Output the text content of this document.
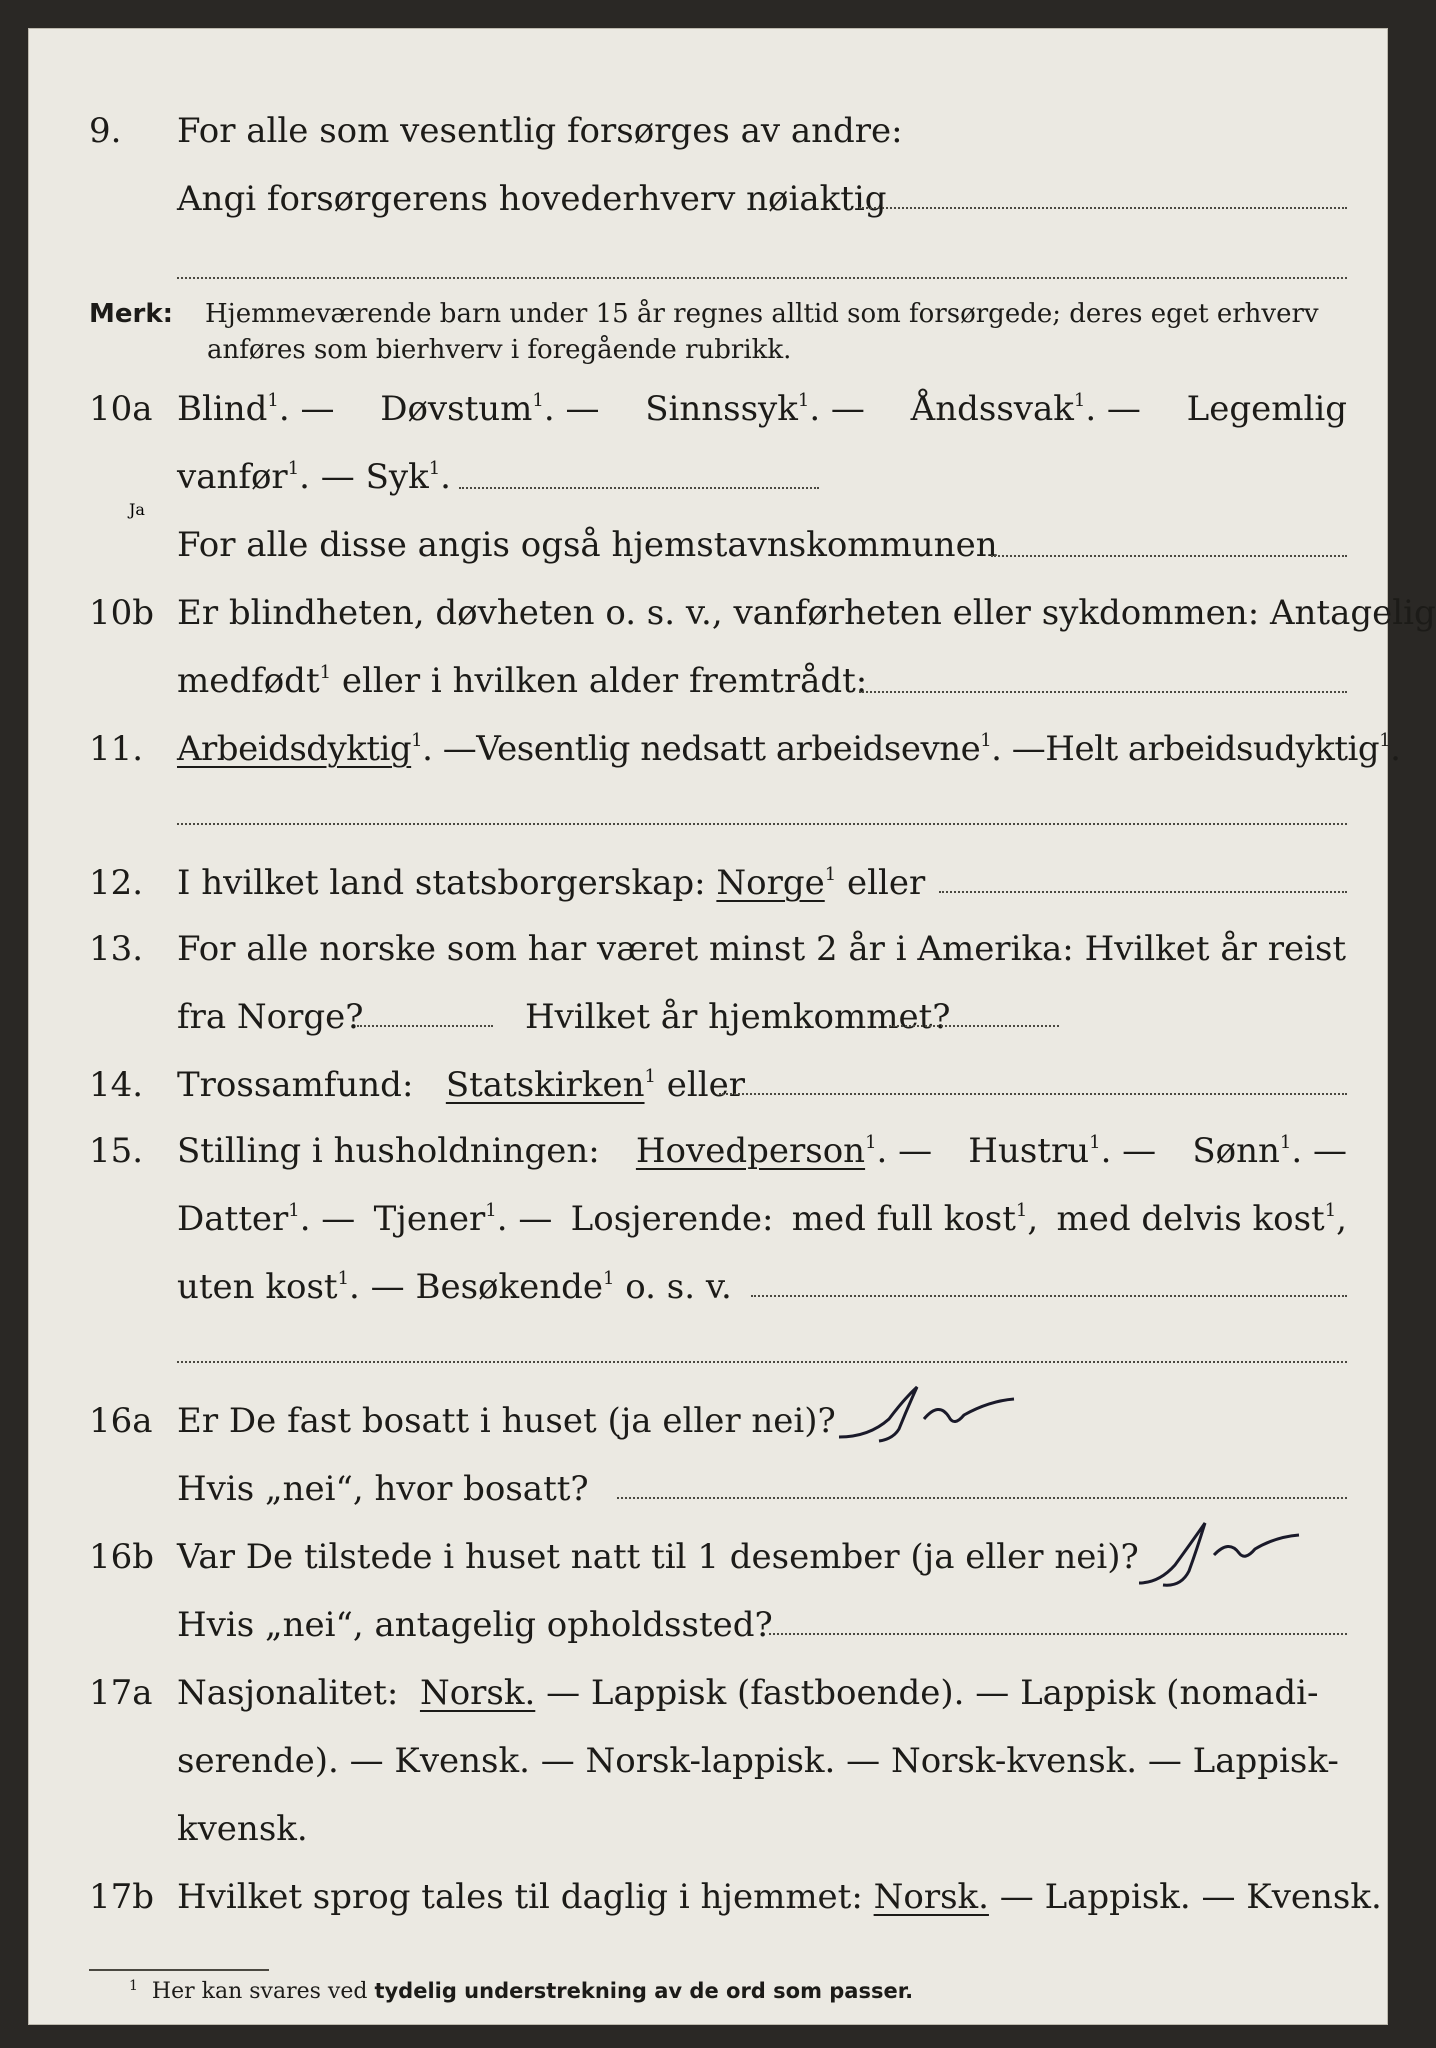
9. For alle som vesentlig forsørges av andre:
Angi forsørgerens hovederhverv nøiaktig
Merk: Hjemmeværende barn under 15 år regnes alltid som forsørgede; deres eget erhverv
anføres som bierhverv i foregående rubrikk.
10a Blind$^1$. — Døvstum$^1$. — Sinnssyk$^1$. — Åndssvak$^1$. — Legemlig
vanfør$^1$. — Syk$^1$.
For alle disse angis også hjemstavnskommunen
10b Er blindheten, døvheten o. s. v., vanførheten eller sykdommen: Antagelig
medfødt$^1$ eller i hvilken alder fremtrådt:
11. Arbeidsdyktig$^1$. — Vesentlig nedsatt arbeidsevne$^1$. — Helt arbeidsudyktig$^1$.
12. I hvilket land statsborgerskap: Norge$^1$ eller
13. For alle norske som har været minst 2 år i Amerika: Hvilket år reist
fra Norge?	Hvilket år hjemkommet?
14. Trossamfund: Statskirken$^1$ eller
15. Stilling i husholdningen: Hovedperson$^1$. — Hustru$^1$. — Sønn$^1$. —
Datter$^1$. — Tjener$^1$. — Losjerende: med full kost$^1$, med delvis kost$^1$,
uten kost$^1$. — Besøkende$^1$ o. s. v.
16a Er De fast bosatt i huset (ja eller nei)?
Hvis „nei“, hvor bosatt?
16b Var De tilstede i huset natt til 1 desember (ja eller nei)?
Ja
Hvis „nei“, antagelig opholdssted?
17a Nasjonalitet: Norsk. — Lappisk (fastboende). — Lappisk (nomadi-
serende). — Kvensk. — Norsk-lappisk. — Norsk-kvensk. — Lappisk-
kvensk.
17b Hvilket sprog tales til daglig i hjemmet: Norsk. — Lappisk. — Kvensk.
$^1$ Her kan svares ved tydelig understrekning av de ord som passer.
